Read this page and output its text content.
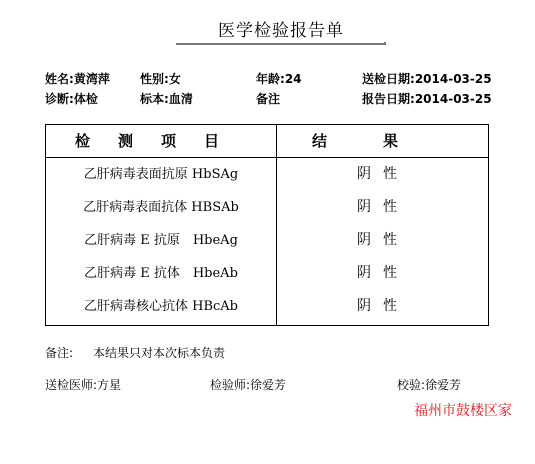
医学检验报告单
姓名:黄湾萍	性别:女	年龄:24	送检日期:2014-03-25
诊断:体检	标本:血清	备注	报告日期:2014-03-25
检测项目	结果
乙肝病毒表面抗原 HbSAg	阴性
乙肝病毒表面抗体 HBSAb	阴性
乙肝病毒 E 抗原　HbeAg	阴性
乙肝病毒 E 抗体　HbeAb	阴性
乙肝病毒核心抗体 HBcAb	阴性
备注: 本结果只对本次标本负责
送检医师:方星	检验师:徐爱芳	校验:徐爱芳
福州市鼓楼区家
